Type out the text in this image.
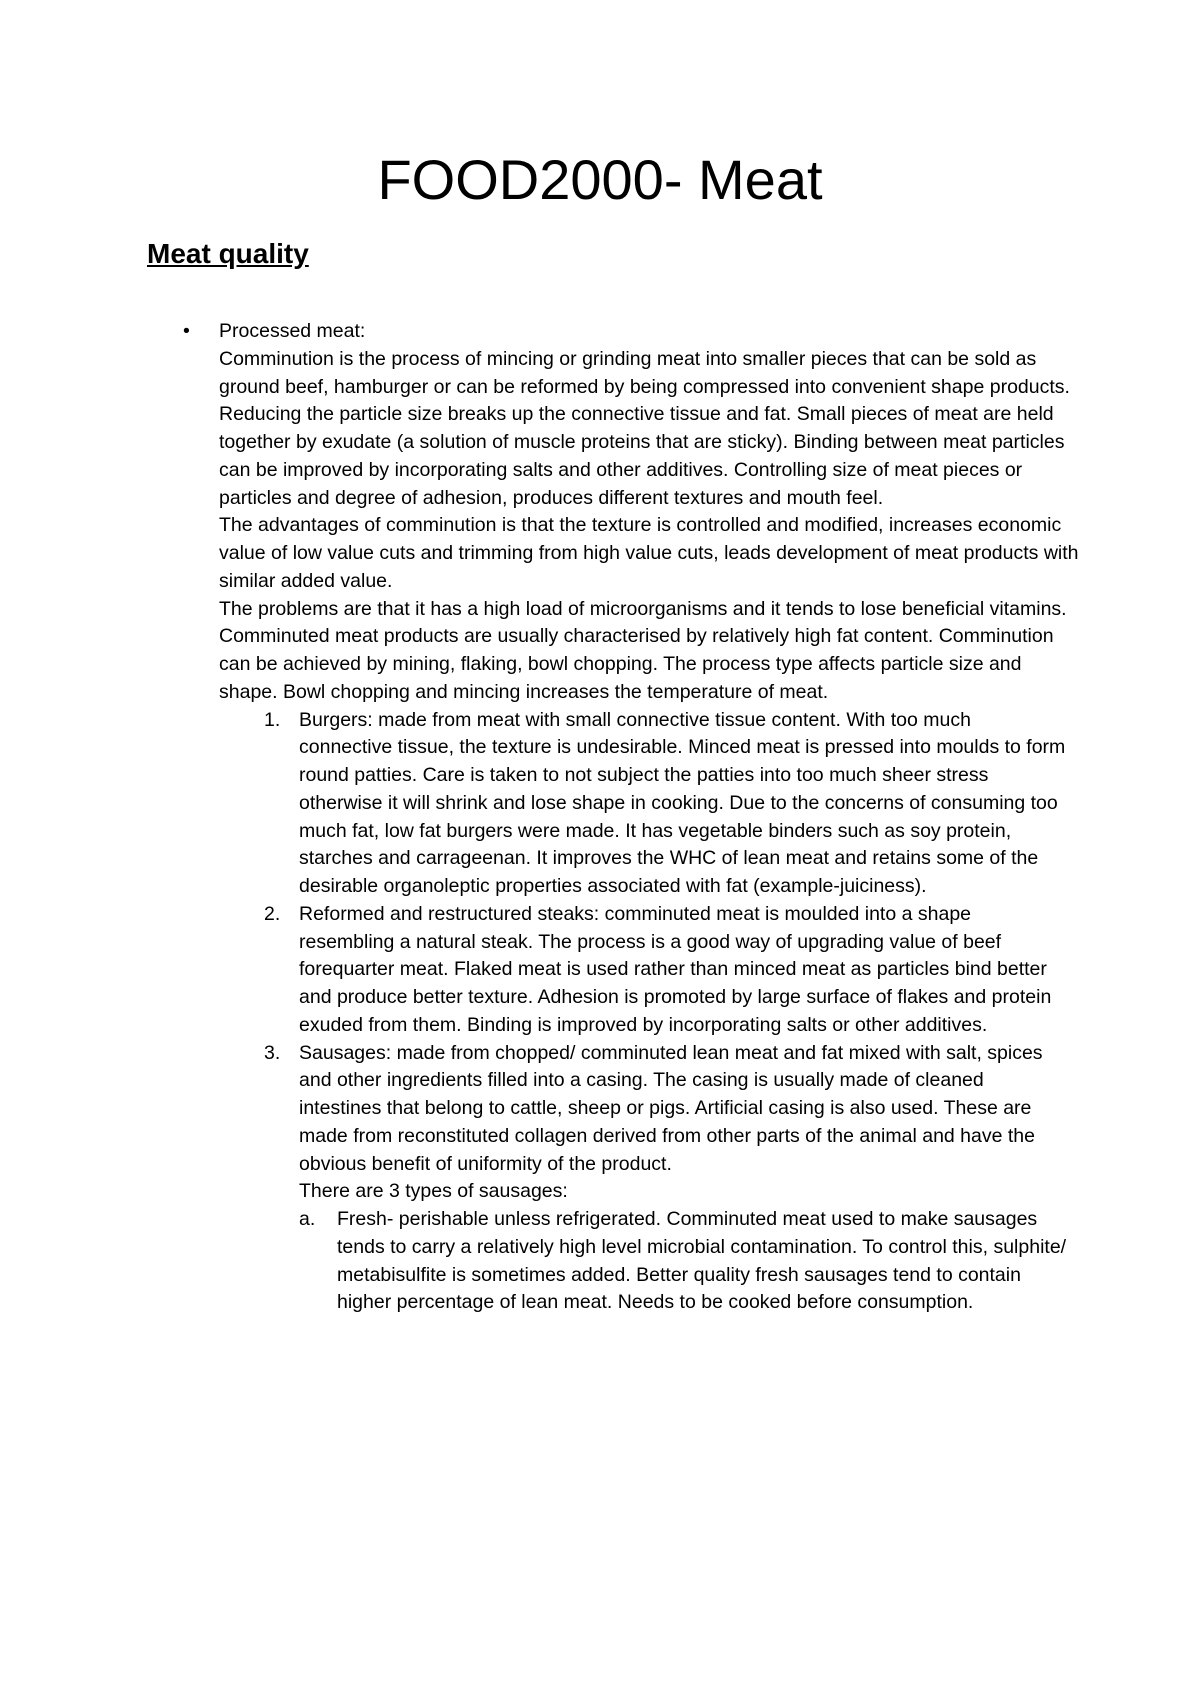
FOOD2000- Meat
Meat quality
• Processed meat:

Comminution is the process of mincing or grinding meat into smaller pieces that can be sold as ground beef, hamburger or can be reformed by being compressed into convenient shape products. Reducing the particle size breaks up the connective tissue and fat. Small pieces of meat are held together by exudate (a solution of muscle proteins that are sticky). Binding between meat particles can be improved by incorporating salts and other additives. Controlling size of meat pieces or particles and degree of adhesion, produces different textures and mouth feel.

The advantages of comminution is that the texture is controlled and modified, increases economic value of low value cuts and trimming from high value cuts, leads development of meat products with similar added value.

The problems are that it has a high load of microorganisms and it tends to lose beneficial vitamins.

Comminuted meat products are usually characterised by relatively high fat content. Comminution can be achieved by mining, flaking, bowl chopping. The process type affects particle size and shape. Bowl chopping and mincing increases the temperature of meat.

1. Burgers: made from meat with small connective tissue content. With too much connective tissue, the texture is undesirable. Minced meat is pressed into moulds to form round patties. Care is taken to not subject the patties into too much sheer stress otherwise it will shrink and lose shape in cooking. Due to the concerns of consuming too much fat, low fat burgers were made. It has vegetable binders such as soy protein, starches and carrageenan. It improves the WHC of lean meat and retains some of the desirable organoleptic properties associated with fat (example-juiciness).

2. Reformed and restructured steaks: comminuted meat is moulded into a shape resembling a natural steak. The process is a good way of upgrading value of beef forequarter meat. Flaked meat is used rather than minced meat as particles bind better and produce better texture. Adhesion is promoted by large surface of flakes and protein exuded from them. Binding is improved by incorporating salts or other additives.

3. Sausages: made from chopped/ comminuted lean meat and fat mixed with salt, spices and other ingredients filled into a casing. The casing is usually made of cleaned intestines that belong to cattle, sheep or pigs. Artificial casing is also used. These are made from reconstituted collagen derived from other parts of the animal and have the obvious benefit of uniformity of the product.

There are 3 types of sausages:

a. Fresh- perishable unless refrigerated. Comminuted meat used to make sausages tends to carry a relatively high level microbial contamination. To control this, sulphite/ metabisulfite is sometimes added. Better quality fresh sausages tend to contain higher percentage of lean meat. Needs to be cooked before consumption.
